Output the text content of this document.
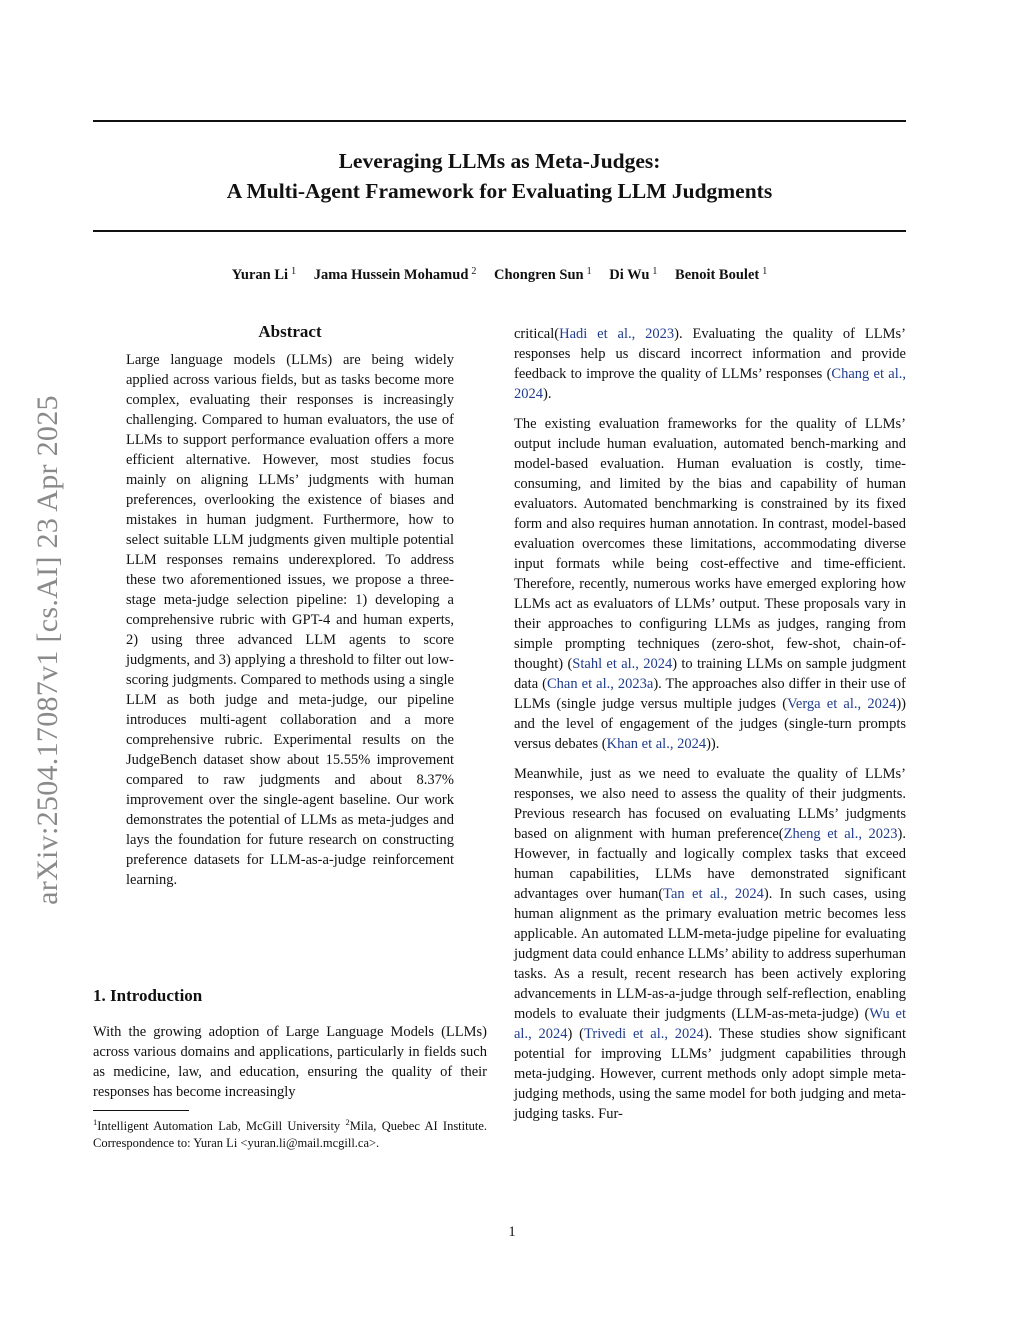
arXiv:2504.17087v1 [cs.AI] 23 Apr 2025
Leveraging LLMs as Meta-Judges:
A Multi-Agent Framework for Evaluating LLM Judgments
Yuran Li $^1$ Jama Hussein Mohamud $^2$ Chongren Sun $^1$ Di Wu $^1$ Benoit Boulet $^1$
Abstract

Large language models (LLMs) are being widely applied across various fields, but as tasks become more complex, evaluating their responses is increasingly challenging. Compared to human evaluators, the use of LLMs to support performance evaluation offers a more efficient alternative. However, most studies focus mainly on aligning LLMs’ judgments with human preferences, overlooking the existence of biases and mistakes in human judgment. Furthermore, how to select suitable LLM judgments given multiple potential LLM responses remains underexplored. To address these two aforementioned issues, we propose a three-stage meta-judge selection pipeline: 1) developing a comprehensive rubric with GPT-4 and human experts, 2) using three advanced LLM agents to score judgments, and 3) applying a threshold to filter out low-scoring judgments. Compared to methods using a single LLM as both judge and meta-judge, our pipeline introduces multi-agent collaboration and a more comprehensive rubric. Experimental results on the JudgeBench dataset show about 15.55% improvement compared to raw judgments and about 8.37% improvement over the single-agent baseline. Our work demonstrates the potential of LLMs as meta-judges and lays the foundation for future research on constructing preference datasets for LLM-as-a-judge reinforcement learning.

1. Introduction

With the growing adoption of Large Language Models (LLMs) across various domains and applications, particularly in fields such as medicine, law, and education, ensuring the quality of their responses has become increasingly

$^1$Intelligent Automation Lab, McGill University $^2$Mila, Quebec AI Institute. Correspondence to: Yuran Li <yuran.li@mail.mcgill.ca>.

critical(Hadi et al., 2023). Evaluating the quality of LLMs’ responses help us discard incorrect information and provide feedback to improve the quality of LLMs’ responses (Chang et al., 2024).

The existing evaluation frameworks for the quality of LLMs’ output include human evaluation, automated bench-marking and model-based evaluation. Human evaluation is costly, time-consuming, and limited by the bias and capability of human evaluators. Automated benchmarking is constrained by its fixed form and also requires human annotation. In contrast, model-based evaluation overcomes these limitations, accommodating diverse input formats while being cost-effective and time-efficient. Therefore, recently, numerous works have emerged exploring how LLMs act as evaluators of LLMs’ output. These proposals vary in their approaches to configuring LLMs as judges, ranging from simple prompting techniques (zero-shot, few-shot, chain-of-thought) (Stahl et al., 2024) to training LLMs on sample judgment data (Chan et al., 2023a). The approaches also differ in their use of LLMs (single judge versus multiple judges (Verga et al., 2024)) and the level of engagement of the judges (single-turn prompts versus debates (Khan et al., 2024)).

Meanwhile, just as we need to evaluate the quality of LLMs’ responses, we also need to assess the quality of their judgments. Previous research has focused on evaluating LLMs’ judgments based on alignment with human preference(Zheng et al., 2023). However, in factually and logically complex tasks that exceed human capabilities, LLMs have demonstrated significant advantages over human(Tan et al., 2024). In such cases, using human alignment as the primary evaluation metric becomes less applicable. An automated LLM-meta-judge pipeline for evaluating judgment data could enhance LLMs’ ability to address superhuman tasks. As a result, recent research has been actively exploring advancements in LLM-as-a-judge through self-reflection, enabling models to evaluate their judgments (LLM-as-meta-judge) (Wu et al., 2024) (Trivedi et al., 2024). These studies show significant potential for improving LLMs’ judgment capabilities through meta-judging. However, current methods only adopt simple meta-judging methods, using the same model for both judging and meta-judging tasks. Fur-

1
